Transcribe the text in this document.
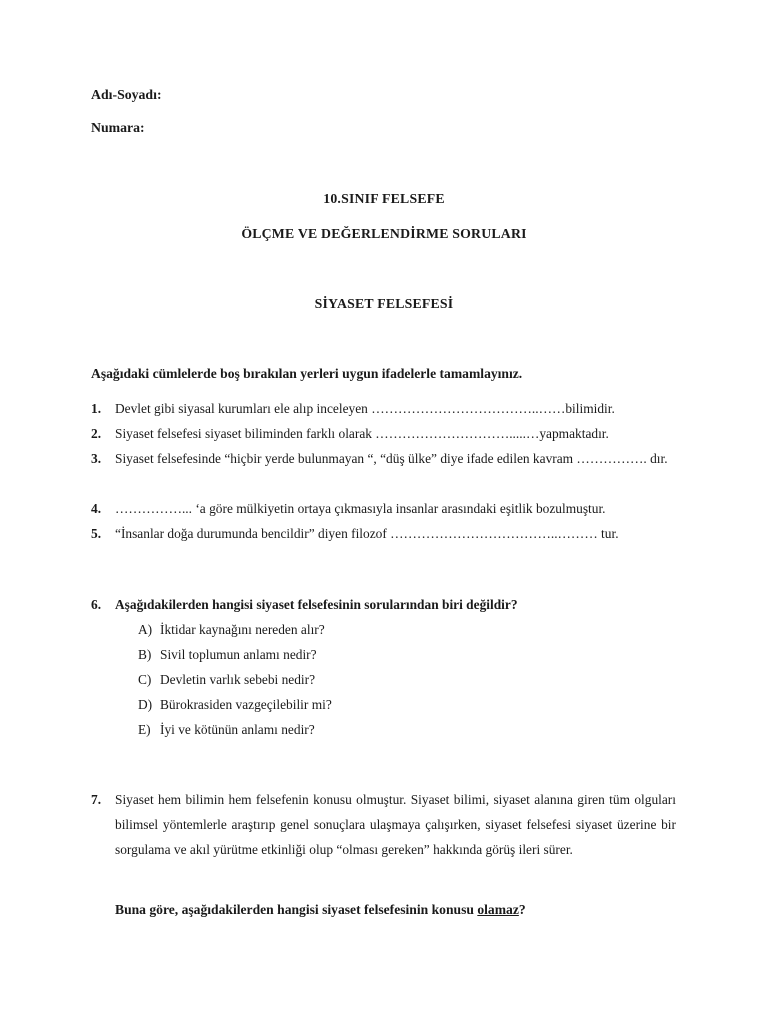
Adı-Soyadı:
Numara:
10.SINIF FELSEFE
ÖLÇME VE DEĞERLENDİRME SORULARI
SİYASET FELSEFESİ
Aşağıdaki cümlelerde boş bırakılan yerleri uygun ifadelerle tamamlayınız.
1. Devlet gibi siyasal kurumları ele alıp inceleyen ………………………………..……bilimidir.
2. Siyaset felsefesi siyaset biliminden farklı olarak ………………………….....…yapmaktadır.
3. Siyaset felsefesinde “hiçbir yerde bulunmayan “, “düş ülke” diye ifade edilen kavram ……………. dır.
4. ……………... ‘a göre mülkiyetin ortaya çıkmasıyla insanlar arasındaki eşitlik bozulmuştur.
5. “İnsanlar doğa durumunda bencildir” diyen filozof ………………………………..……… tur.
6. Aşağıdakilerden hangisi siyaset felsefesinin sorularından biri değildir?
A) İktidar kaynağını nereden alır?
B) Sivil toplumun anlamı nedir?
C) Devletin varlık sebebi nedir?
D) Bürokrasiden vazgeçilebilir mi?
E) İyi ve kötünün anlamı nedir?
7. Siyaset hem bilimin hem felsefenin konusu olmuştur. Siyaset bilimi, siyaset alanına giren tüm olguları bilimsel yöntemlerle araştırıp genel sonuçlara ulaşmaya çalışırken, siyaset felsefesi siyaset üzerine bir sorgulama ve akıl yürütme etkinliği olup “olması gereken” hakkında görüş ileri sürer.
Buna göre, aşağıdakilerden hangisi siyaset felsefesinin konusu olamaz?
